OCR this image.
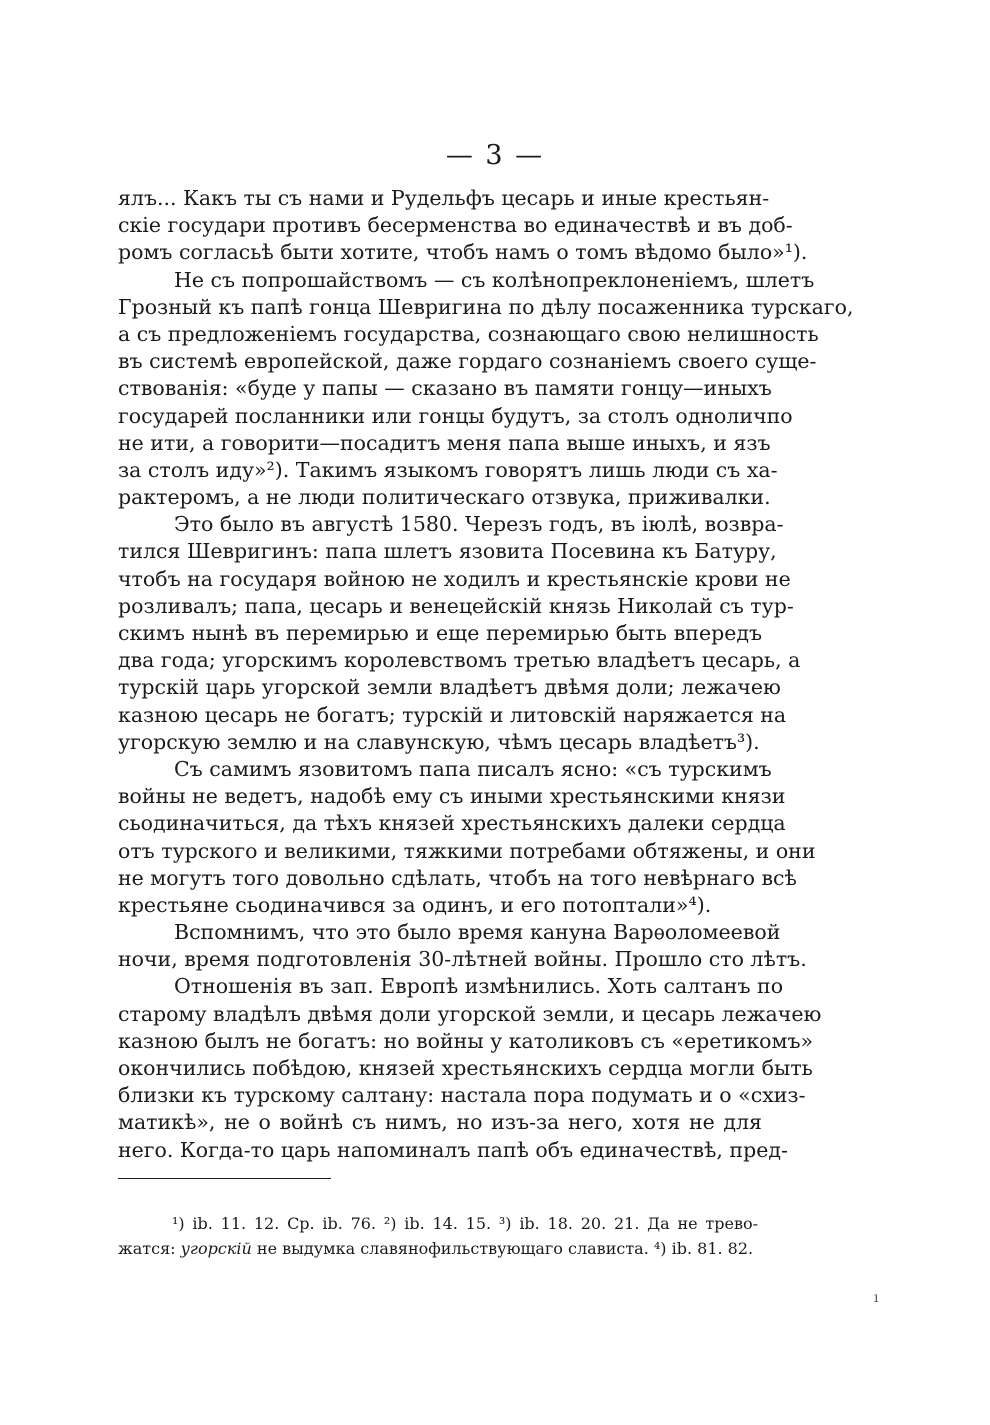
— 3 —
ялъ... Какъ ты съ нами и Рудельфъ цесарь и иные крестьян-
скіе государи противъ бесерменства во единачествѣ и въ доб-
ромъ согласьѣ быти хотите, чтобъ намъ о томъ вѣдомо было»¹).
Не съ попрошайствомъ — съ колѣнопреклоненіемъ, шлетъ
Грозный къ папѣ гонца Шевригина по дѣлу посаженника турскаго,
а съ предложеніемъ государства, сознающаго свою нелишность
въ системѣ европейской, даже гордаго сознаніемъ своего суще-
ствованія: «буде у папы — сказано въ памяти гонцу—иныхъ
государей посланники или гонцы будутъ, за столъ одноличпо
не ити, а говорити—посадитъ меня папа выше иныхъ, и язъ
за столъ иду»²). Такимъ языкомъ говорятъ лишь люди съ ха-
рактеромъ, а не люди политическаго отзвука, приживалки.
Это было въ августѣ 1580. Черезъ годъ, въ іюлѣ, возвра-
тился Шевригинъ: папа шлетъ язовита Посевина къ Батуру,
чтобъ на государя войною не ходилъ и крестьянскіе крови не
розливалъ; папа, цесарь и венецейскій князь Николай съ тур-
скимъ нынѣ въ перемирью и еще перемирью быть впередъ
два года; угорскимъ королевствомъ третью владѣетъ цесарь, а
турскій царь угорской земли владѣетъ двѣмя доли; лежачею
казною цесарь не богатъ; турскій и литовскій наряжается на
угорскую землю и на славунскую, чѣмъ цесарь владѣетъ³).
Съ самимъ язовитомъ папа писалъ ясно: «съ турскимъ
войны не ведетъ, надобѣ ему съ иными хрестьянскими князи
сьодиначиться, да тѣхъ князей хрестьянскихъ далеки сердца
отъ турского и великими, тяжкими потребами обтяжены, и они
не могутъ того довольно сдѣлать, чтобъ на того невѣрнаго всѣ
крестьяне сьодиначився за одинъ, и его потоптали»⁴).
Вспомнимъ, что это было время кануна Варѳоломеевой
ночи, время подготовленія 30-лѣтней войны. Прошло сто лѣтъ.
Отношенія въ зап. Европѣ измѣнились. Хоть салтанъ по
старому владѣлъ двѣмя доли угорской земли, и цесарь лежачею
казною былъ не богатъ: но войны у католиковъ съ «еретикомъ»
окончились побѣдою, князей хрестьянскихъ сердца могли быть
близки къ турскому салтану: настала пора подумать и о «схиз-
матикѣ», не о войнѣ съ нимъ, но изъ-за него, хотя не для
него. Когда-то царь напоминалъ папѣ объ единачествѣ, пред-
¹) ib. 11. 12. Cp. ib. 76. ²) ib. 14. 15. ³) ib. 18. 20. 21. Да не трево-
жатся: угорскій не выдумка славянофильствующаго слависта. ⁴) ib. 81. 82.
ı
